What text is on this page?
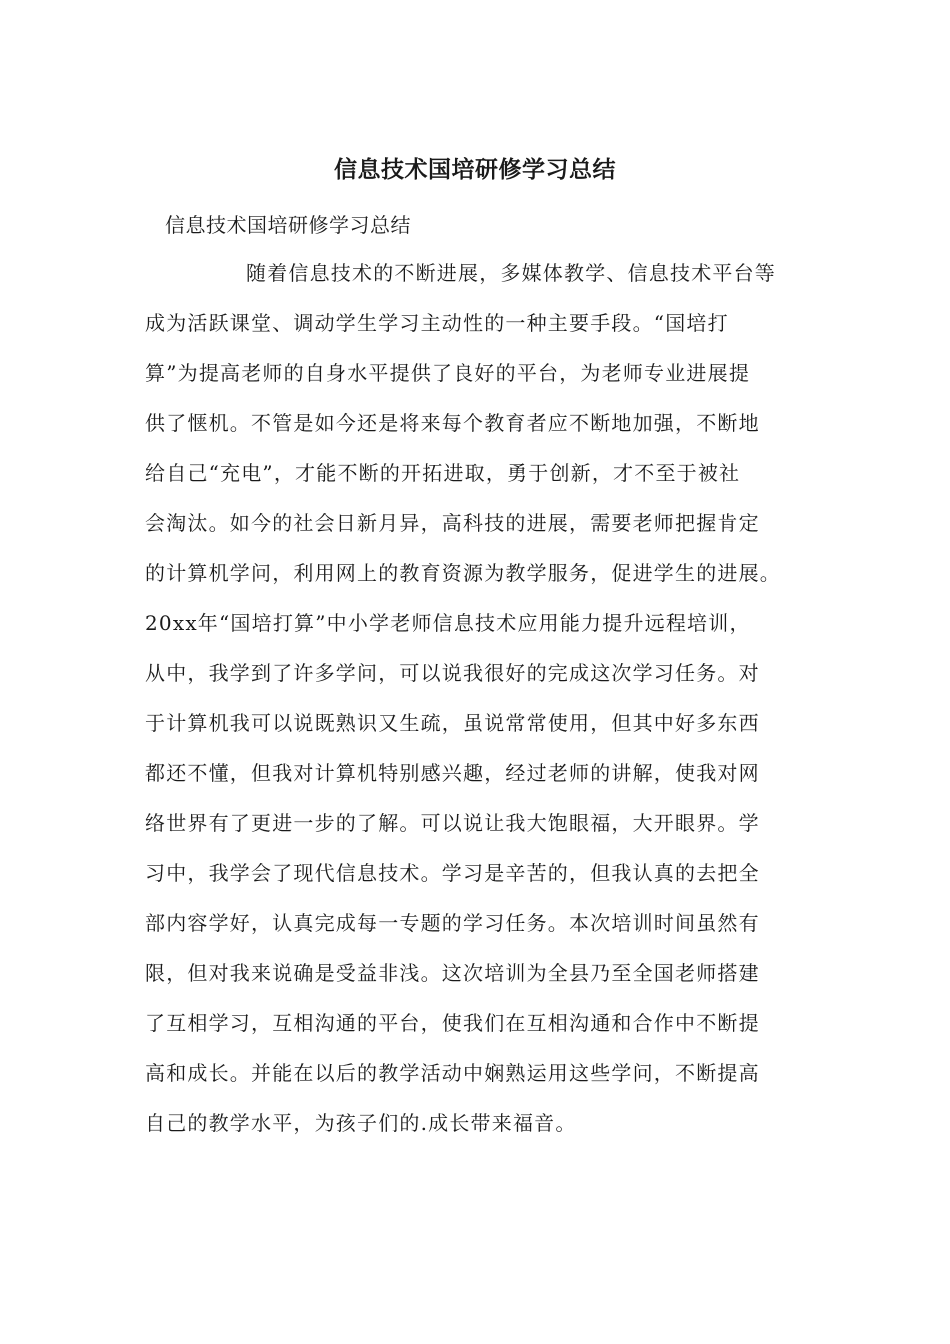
信息技术国培研修学习总结

信息技术国培研修学习总结

随着信息技术的不断进展，多媒体教学、信息技术平台等

成为活跃课堂、调动学生学习主动性的一种主要手段。“国培打

算”为提高老师的自身水平提供了良好的平台，为老师专业进展提

供了惬机。不管是如今还是将来每个教育者应不断地加强，不断地

给自己“充电”，才能不断的开拓进取，勇于创新，才不至于被社

会淘汰。如今的社会日新月异，高科技的进展，需要老师把握肯定

的计算机学问，利用网上的教育资源为教学服务，促进学生的进展。

20xx年“国培打算”中小学老师信息技术应用能力提升远程培训，

从中，我学到了许多学问，可以说我很好的完成这次学习任务。对

于计算机我可以说既熟识又生疏，虽说常常使用，但其中好多东西

都还不懂，但我对计算机特别感兴趣，经过老师的讲解，使我对网

络世界有了更进一步的了解。可以说让我大饱眼福，大开眼界。学

习中，我学会了现代信息技术。学习是辛苦的，但我认真的去把全

部内容学好，认真完成每一专题的学习任务。本次培训时间虽然有

限，但对我来说确是受益非浅。这次培训为全县乃至全国老师搭建

了互相学习，互相沟通的平台，使我们在互相沟通和合作中不断提

高和成长。并能在以后的教学活动中娴熟运用这些学问，不断提高

自己的教学水平，为孩子们的.成长带来福音。
